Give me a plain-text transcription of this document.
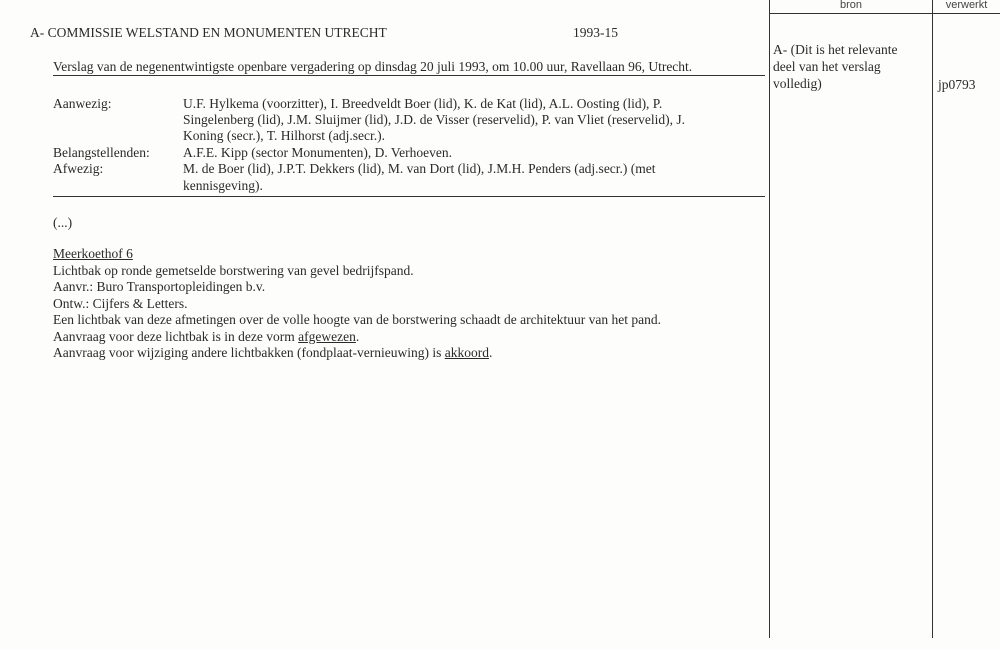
bron	verwerkt
A- (Dit is het relevante
deel van het verslag
volledig)	jp0793
A- COMMISSIE WELSTAND EN MONUMENTEN UTRECHT	1993-15
Verslag van de negenentwintigste openbare vergadering op dinsdag 20 juli 1993, om 10.00 uur, Ravellaan 96, Utrecht.
Aanwezig:	U.F. Hylkema (voorzitter), I. Breedveldt Boer (lid), K. de Kat (lid), A.L. Oosting (lid), P.
Singelenberg (lid), J.M. Sluijmer (lid), J.D. de Visser (reservelid), P. van Vliet (reservelid), J.
Koning (secr.), T. Hilhorst (adj.secr.).
Belangstellenden: A.F.E. Kipp (sector Monumenten), D. Verhoeven.
Afwezig:	M. de Boer (lid), J.P.T. Dekkers (lid), M. van Dort (lid), J.M.H. Penders (adj.secr.) (met
kennisgeving).
(...)
Meerkoethof 6
Lichtbak op ronde gemetselde borstwering van gevel bedrijfspand.
Aanvr.: Buro Transportopleidingen b.v.
Ontw.: Cijfers & Letters.
Een lichtbak van deze afmetingen over de volle hoogte van de borstwering schaadt de architektuur van het pand.
Aanvraag voor deze lichtbak is in deze vorm afgewezen.
Aanvraag voor wijziging andere lichtbakken (fondplaat-vernieuwing) is akkoord.
